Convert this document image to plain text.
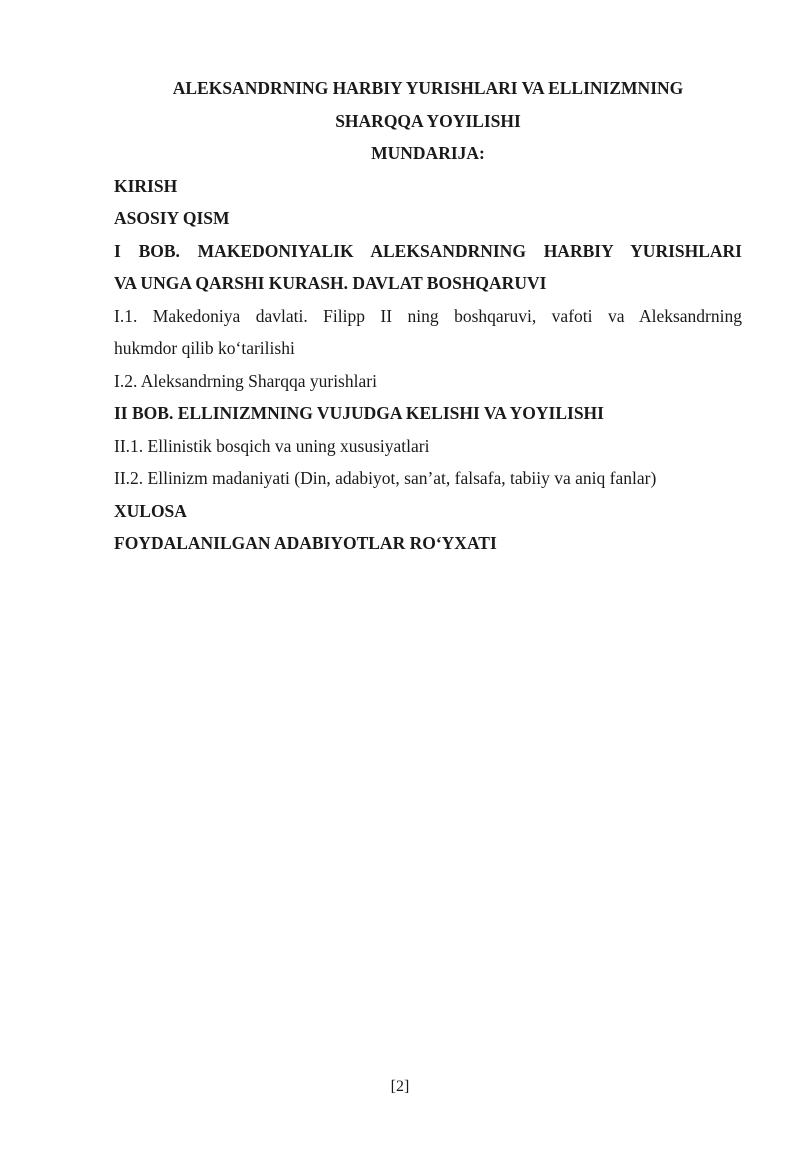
ALEKSANDRNING HARBIY YURISHLARI VA ELLINIZMNING

SHARQQA YOYILISHI

MUNDARIJA:

KIRISH

ASOSIY QISM

I BOB. MAKEDONIYALIK ALEKSANDRNING HARBIY YURISHLARI

VA UNGA QARSHI KURASH. DAVLAT BOSHQARUVI

I.1. Makedoniya davlati. Filipp II ning boshqaruvi, vafoti va Aleksandrning

hukmdor qilib ko‘tarilishi

I.2. Aleksandrning Sharqqa yurishlari

II BOB. ELLINIZMNING VUJUDGA KELISHI VA YOYILISHI

II.1. Ellinistik bosqich va uning xususiyatlari

II.2. Ellinizm madaniyati (Din, adabiyot, san’at, falsafa, tabiiy va aniq fanlar)

XULOSA

FOYDALANILGAN ADABIYOTLAR RO‘YXATI

[2]
